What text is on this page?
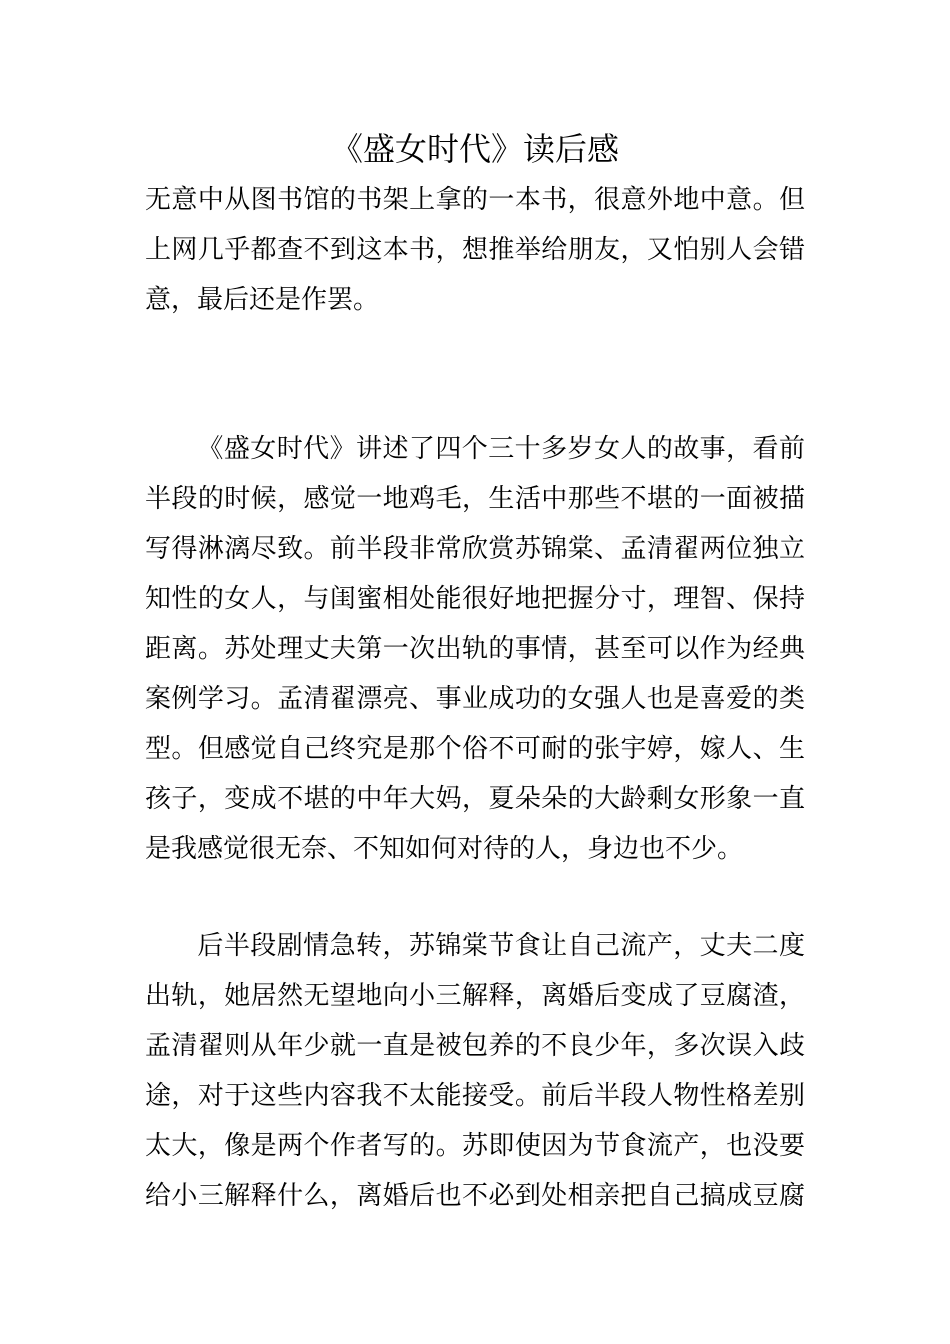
《盛女时代》读后感
无意中从图书馆的书架上拿的一本书，很意外地中意。但
上网几乎都查不到这本书，想推举给朋友，又怕别人会错
意，最后还是作罢。
《盛女时代》讲述了四个三十多岁女人的故事，看前
半段的时候，感觉一地鸡毛，生活中那些不堪的一面被描
写得淋漓尽致。前半段非常欣赏苏锦棠、孟清翟两位独立
知性的女人，与闺蜜相处能很好地把握分寸，理智、保持
距离。苏处理丈夫第一次出轨的事情，甚至可以作为经典
案例学习。孟清翟漂亮、事业成功的女强人也是喜爱的类
型。但感觉自己终究是那个俗不可耐的张宇婷，嫁人、生
孩子，变成不堪的中年大妈，夏朵朵的大龄剩女形象一直
是我感觉很无奈、不知如何对待的人，身边也不少。
后半段剧情急转，苏锦棠节食让自己流产，丈夫二度
出轨，她居然无望地向小三解释，离婚后变成了豆腐渣，
孟清翟则从年少就一直是被包养的不良少年，多次误入歧
途，对于这些内容我不太能接受。前后半段人物性格差别
太大，像是两个作者写的。苏即使因为节食流产，也没要
给小三解释什么，离婚后也不必到处相亲把自己搞成豆腐
